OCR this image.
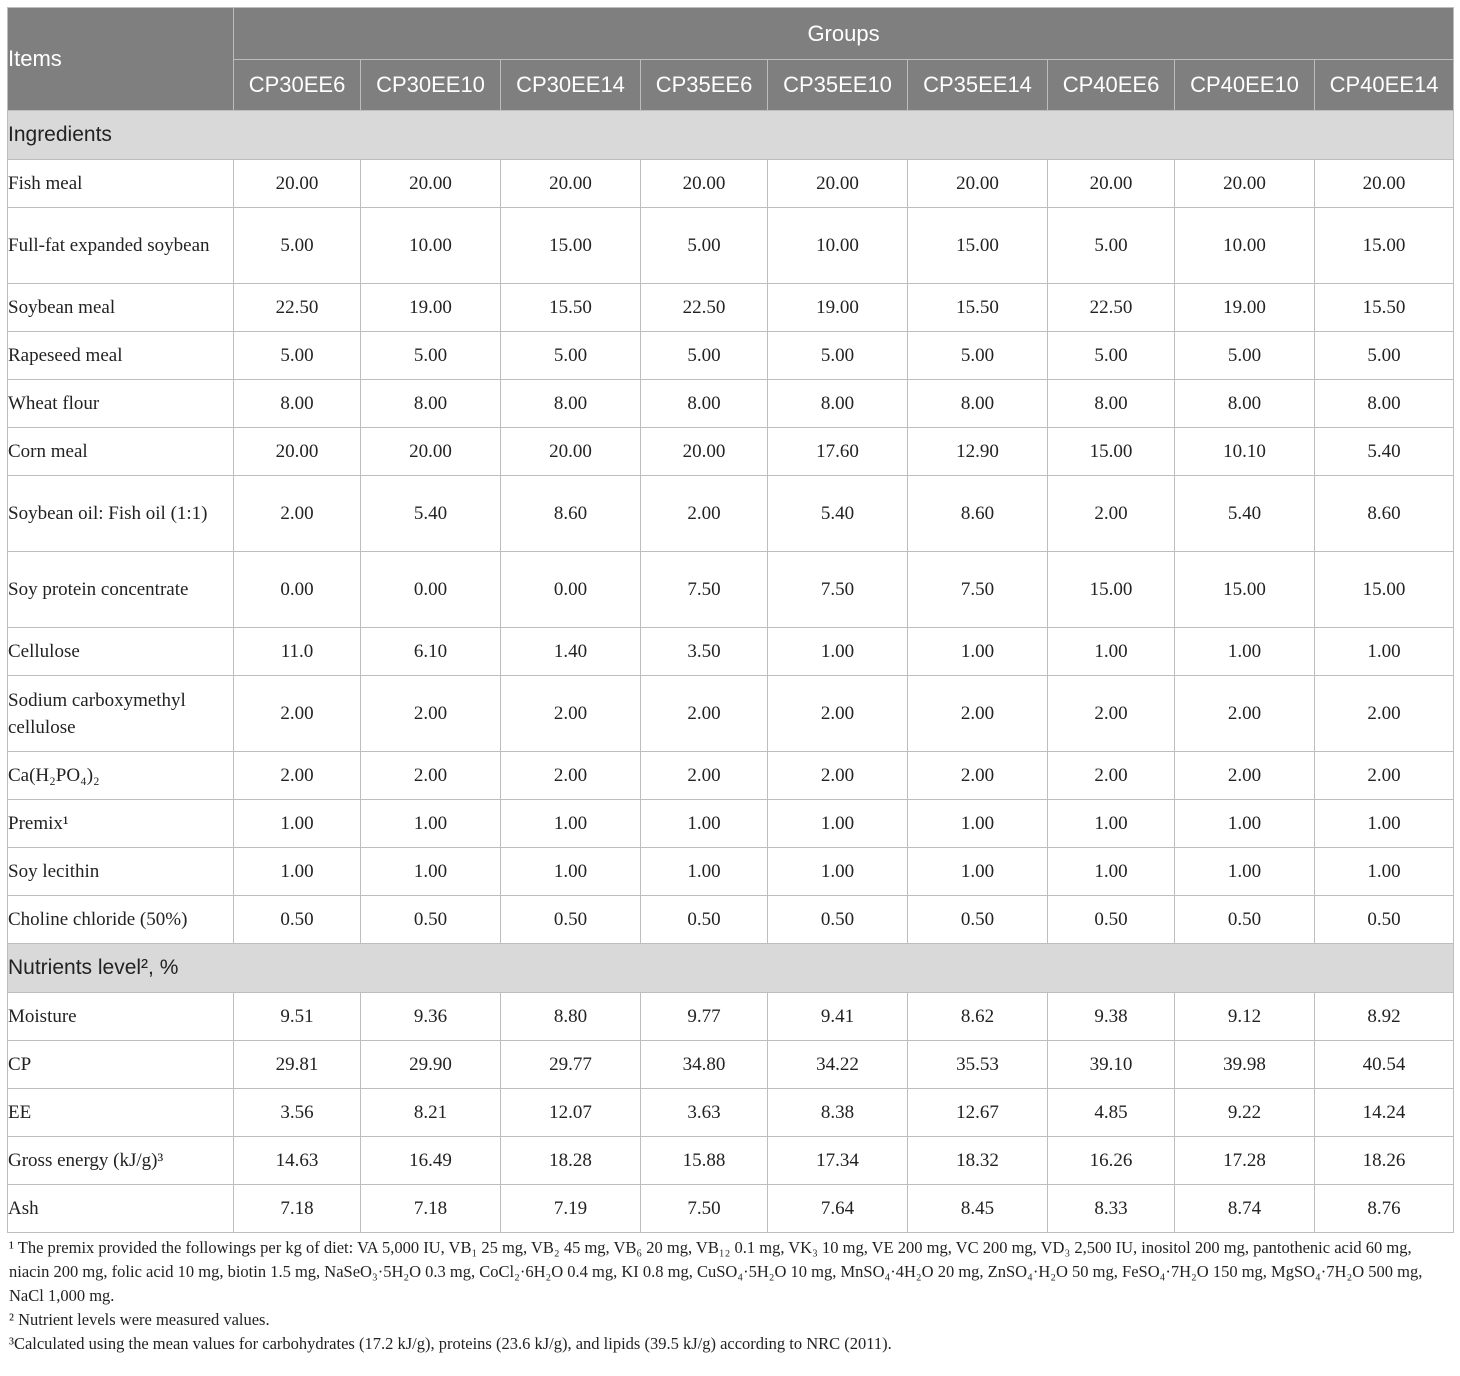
Items	Groups								
	CP30EE6	CP30EE10	CP30EE14	CP35EE6	CP35EE10	CP35EE14	CP40EE6	CP40EE10	CP40EE14
Ingredients									
Fish meal	20.00	20.00	20.00	20.00	20.00	20.00	20.00	20.00	20.00
Full-fat expanded soybean	5.00	10.00	15.00	5.00	10.00	15.00	5.00	10.00	15.00
Soybean meal	22.50	19.00	15.50	22.50	19.00	15.50	22.50	19.00	15.50
Rapeseed meal	5.00	5.00	5.00	5.00	5.00	5.00	5.00	5.00	5.00
Wheat flour	8.00	8.00	8.00	8.00	8.00	8.00	8.00	8.00	8.00
Corn meal	20.00	20.00	20.00	20.00	17.60	12.90	15.00	10.10	5.40
Soybean oil: Fish oil (1:1)	2.00	5.40	8.60	2.00	5.40	8.60	2.00	5.40	8.60
Soy protein concentrate	0.00	0.00	0.00	7.50	7.50	7.50	15.00	15.00	15.00
Cellulose	11.0	6.10	1.40	3.50	1.00	1.00	1.00	1.00	1.00
Sodium carboxymethyl cellulose	2.00	2.00	2.00	2.00	2.00	2.00	2.00	2.00	2.00
Ca(H₂PO₄)₂	2.00	2.00	2.00	2.00	2.00	2.00	2.00	2.00	2.00
Premix¹	1.00	1.00	1.00	1.00	1.00	1.00	1.00	1.00	1.00
Soy lecithin	1.00	1.00	1.00	1.00	1.00	1.00	1.00	1.00	1.00
Choline chloride (50%)	0.50	0.50	0.50	0.50	0.50	0.50	0.50	0.50	0.50
Nutrients level², %									
Moisture	9.51	9.36	8.80	9.77	9.41	8.62	9.38	9.12	8.92
CP	29.81	29.90	29.77	34.80	34.22	35.53	39.10	39.98	40.54
EE	3.56	8.21	12.07	3.63	8.38	12.67	4.85	9.22	14.24
Gross energy (kJ/g)³	14.63	16.49	18.28	15.88	17.34	18.32	16.26	17.28	18.26
Ash	7.18	7.18	7.19	7.50	7.64	8.45	8.33	8.74	8.76

¹ The premix provided the followings per kg of diet: VA 5,000 IU, VB₁ 25 mg, VB₂ 45 mg, VB₆ 20 mg, VB₁₂ 0.1 mg, VK₃ 10 mg, VE 200 mg, VC 200 mg, VD₃ 2,500 IU, inositol 200 mg, pantothenic acid 60 mg, niacin 200 mg, folic acid 10 mg, biotin 1.5 mg, NaSeO₃·5H₂O 0.3 mg, CoCl₂·6H₂O 0.4 mg, KI 0.8 mg, CuSO₄·5H₂O 10 mg, MnSO₄·4H₂O 20 mg, ZnSO₄·H₂O 50 mg, FeSO₄·7H₂O 150 mg, MgSO₄·7H₂O 500 mg, NaCl 1,000 mg.

² Nutrient levels were measured values.

³Calculated using the mean values for carbohydrates (17.2 kJ/g), proteins (23.6 kJ/g), and lipids (39.5 kJ/g) according to NRC (2011).
